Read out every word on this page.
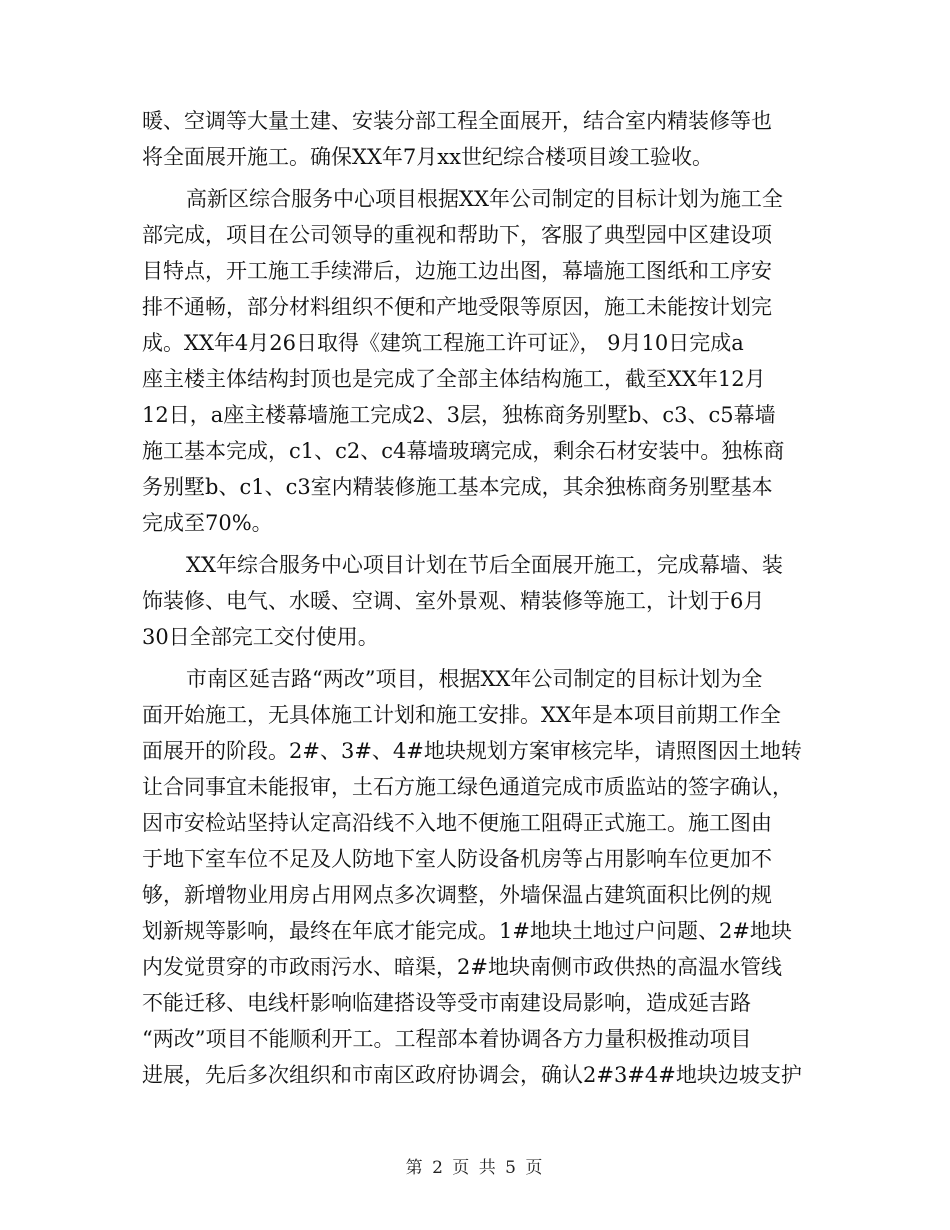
暖、空调等大量土建、安装分部工程全面展开，结合室内精装修等也
将全面展开施工。确保XX年7月xx世纪综合楼项目竣工验收。
高新区综合服务中心项目根据XX年公司制定的目标计划为施工全
部完成，项目在公司领导的重视和帮助下，客服了典型园中区建设项
目特点，开工施工手续滞后，边施工边出图，幕墙施工图纸和工序安
排不通畅，部分材料组织不便和产地受限等原因，施工未能按计划完
成。XX年4月26日取得《建筑工程施工许可证》， 9月10日完成a
座主楼主体结构封顶也是完成了全部主体结构施工，截至XX年12月
12日，a座主楼幕墙施工完成2、3层，独栋商务别墅b、c3、c5幕墙
施工基本完成，c1、c2、c4幕墙玻璃完成，剩余石材安装中。独栋商
务别墅b、c1、c3室内精装修施工基本完成，其余独栋商务别墅基本
完成至70%。
XX年综合服务中心项目计划在节后全面展开施工，完成幕墙、装
饰装修、电气、水暖、空调、室外景观、精装修等施工，计划于6月
30日全部完工交付使用。
市南区延吉路“两改”项目，根据XX年公司制定的目标计划为全
面开始施工，无具体施工计划和施工安排。XX年是本项目前期工作全
面展开的阶段。2#、3#、4#地块规划方案审核完毕，请照图因土地转
让合同事宜未能报审，土石方施工绿色通道完成市质监站的签字确认，
因市安检站坚持认定高沿线不入地不便施工阻碍正式施工。施工图由
于地下室车位不足及人防地下室人防设备机房等占用影响车位更加不
够，新增物业用房占用网点多次调整，外墙保温占建筑面积比例的规
划新规等影响，最终在年底才能完成。1#地块土地过户问题、2#地块
内发觉贯穿的市政雨污水、暗渠，2#地块南侧市政供热的高温水管线
不能迁移、电线杆影响临建搭设等受市南建设局影响，造成延吉路
“两改”项目不能顺利开工。工程部本着协调各方力量积极推动项目
进展，先后多次组织和市南区政府协调会，确认2#3#4#地块边坡支护
第 2 页 共 5 页
